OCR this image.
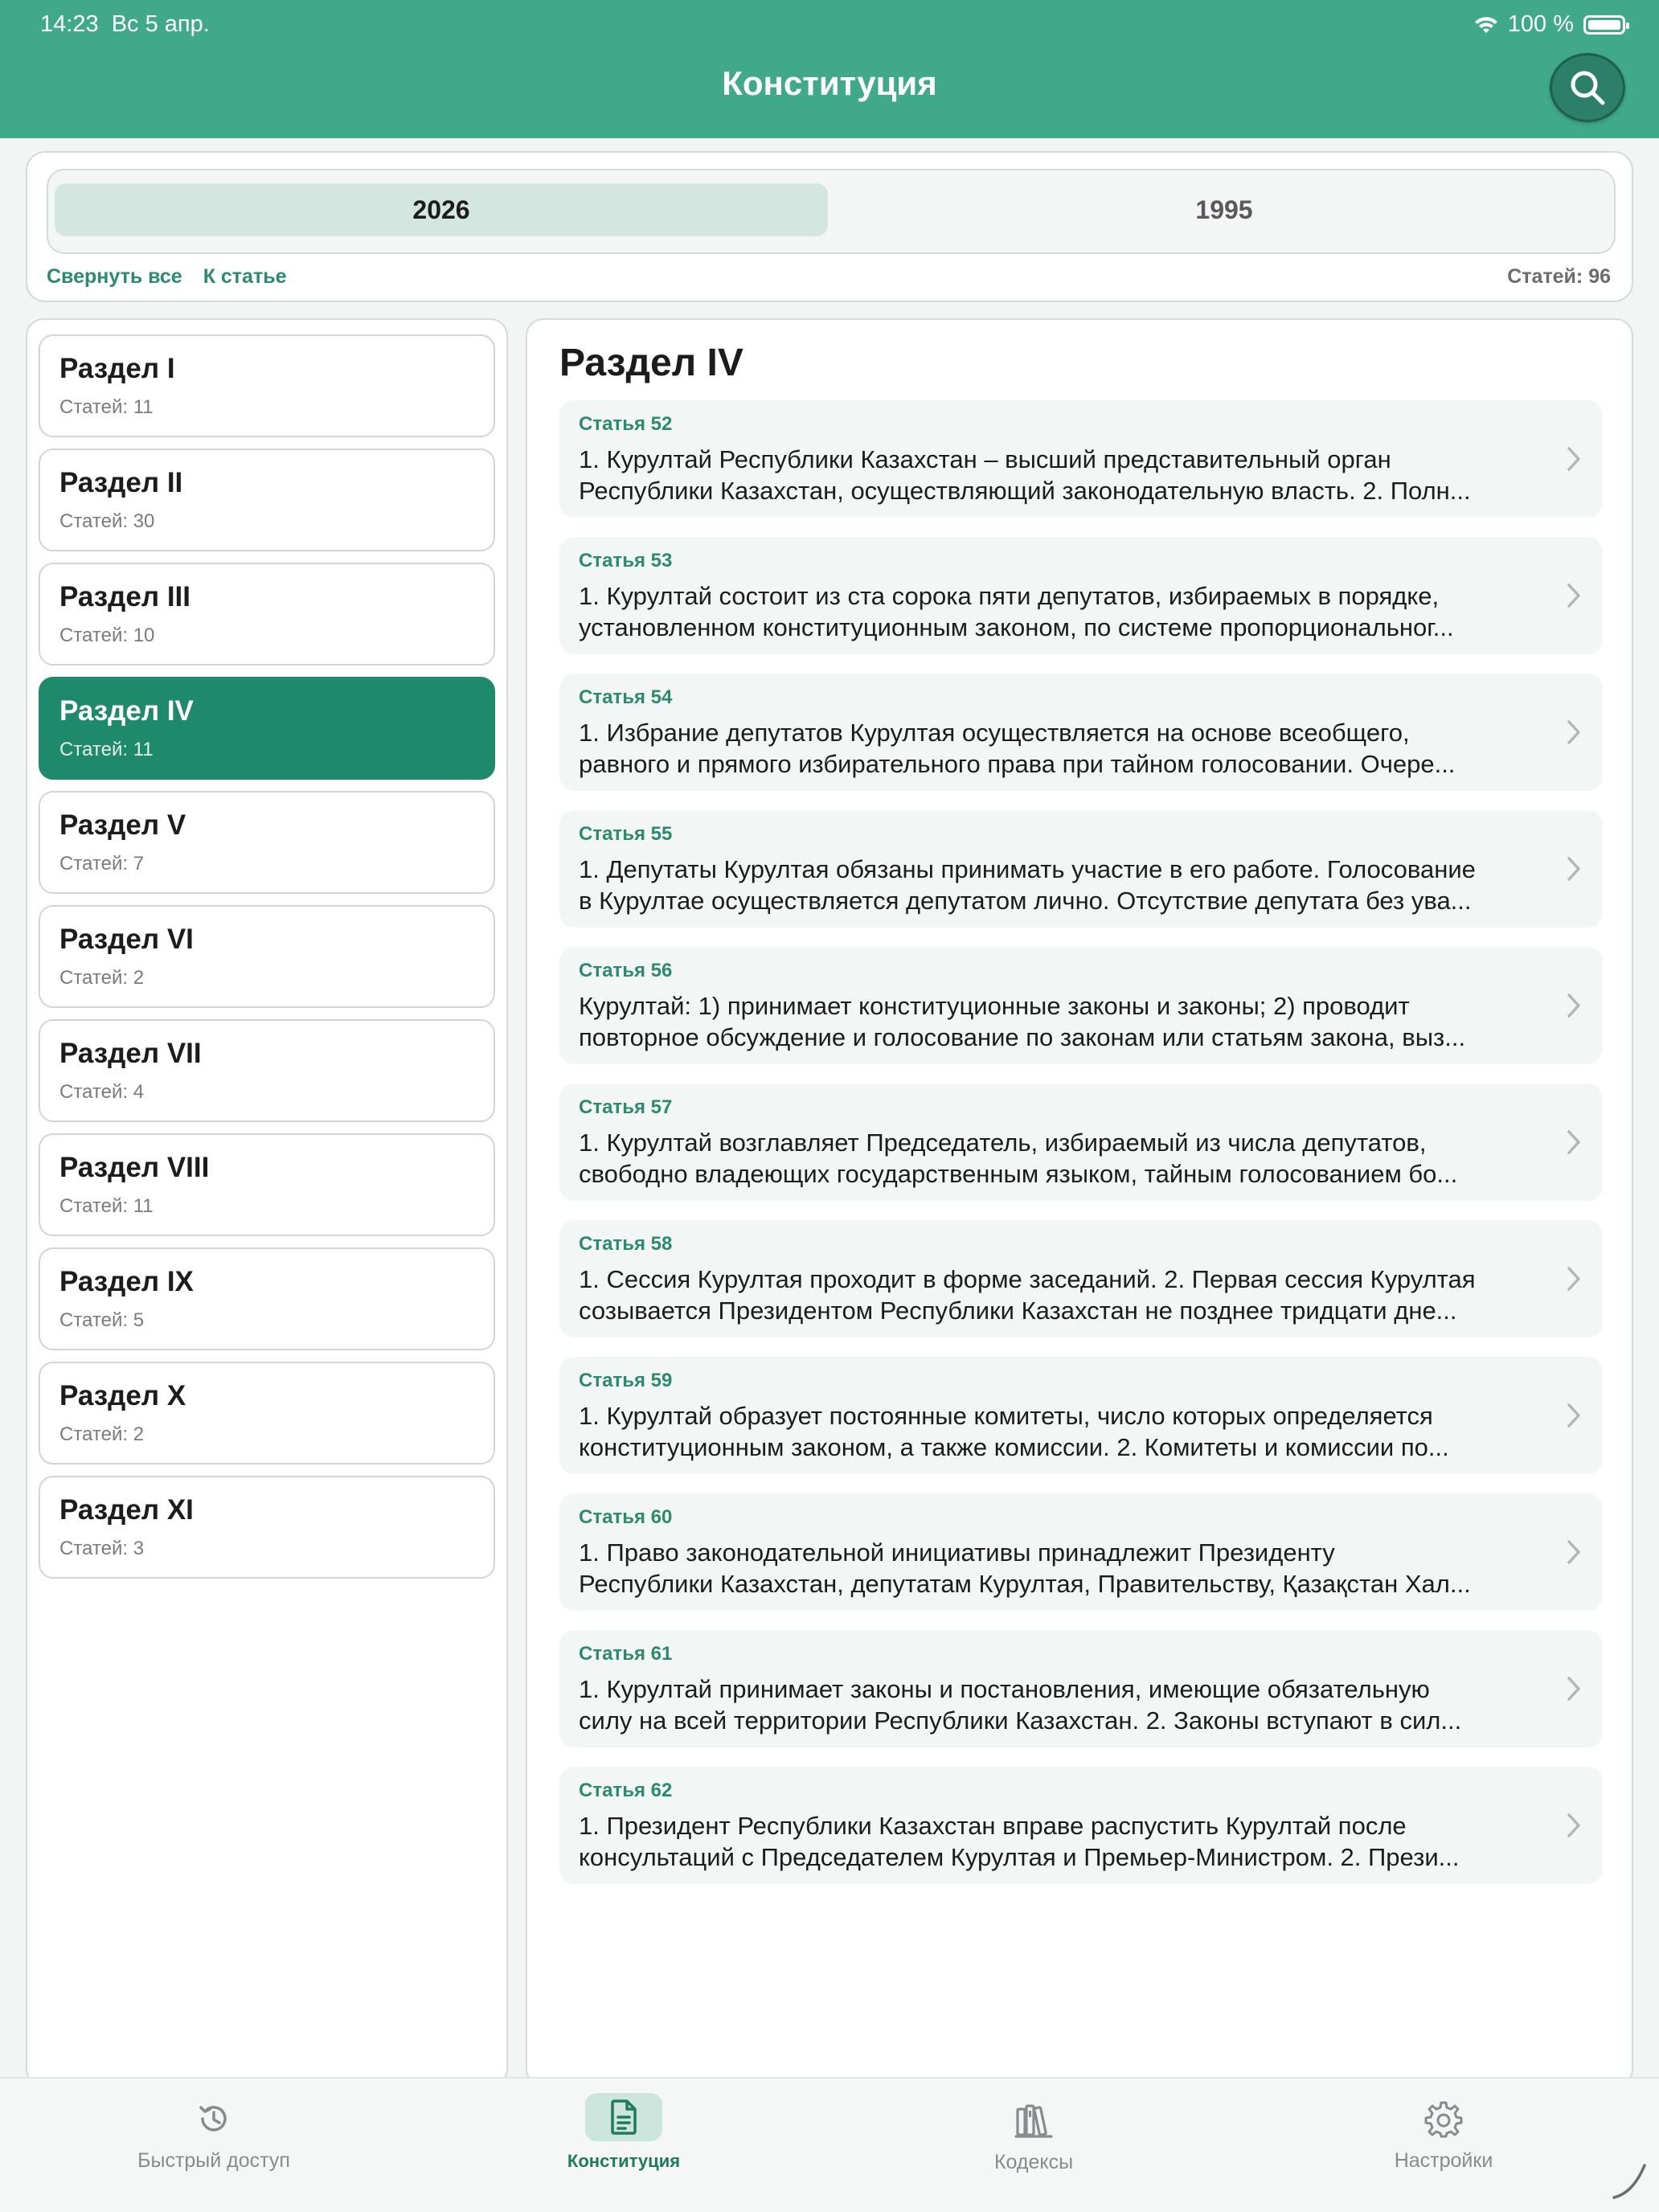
14:23 Вс 5 апр.	100 %
Конституция
2026	1995
Свернуть все К статье	Статей: 96
Раздел I
Статей: 11
Раздел II
Статей: 30
Раздел III
Статей: 10
Раздел IV
Статей: 11
Раздел V
Статей: 7
Раздел VI
Статей: 2
Раздел VII
Статей: 4
Раздел VIII
Статей: 11
Раздел IX
Статей: 5
Раздел X
Статей: 2
Раздел XI
Статей: 3
Раздел IV
Статья 52
1. Курултай Республики Казахстан – высший представительный орган
Республики Казахстан, осуществляющий законодательную власть. 2. Полн...
Статья 53
1. Курултай состоит из ста сорока пяти депутатов, избираемых в порядке,
установленном конституционным законом, по системе пропорциональног...
Статья 54
1. Избрание депутатов Курултая осуществляется на основе всеобщего,
равного и прямого избирательного права при тайном голосовании. Очере...
Статья 55
1. Депутаты Курултая обязаны принимать участие в его работе. Голосование
в Курултае осуществляется депутатом лично. Отсутствие депутата без ува...
Статья 56
Курултай: 1) принимает конституционные законы и законы; 2) проводит
повторное обсуждение и голосование по законам или статьям закона, выз...
Статья 57
1. Курултай возглавляет Председатель, избираемый из числа депутатов,
свободно владеющих государственным языком, тайным голосованием бо...
Статья 58
1. Сессия Курултая проходит в форме заседаний. 2. Первая сессия Курултая
созывается Президентом Республики Казахстан не позднее тридцати дне...
Статья 59
1. Курултай образует постоянные комитеты, число которых определяется
конституционным законом, а также комиссии. 2. Комитеты и комиссии по...
Статья 60
1. Право законодательной инициативы принадлежит Президенту
Республики Казахстан, депутатам Курултая, Правительству, Қазақстан Хал...
Статья 61
1. Курултай принимает законы и постановления, имеющие обязательную
силу на всей территории Республики Казахстан. 2. Законы вступают в сил...
Статья 62
1. Президент Республики Казахстан вправе распустить Курултай после
консультаций с Председателем Курултая и Премьер-Министром. 2. Прези...
Быстрый доступ	Конституция	Кодексы	Настройки
